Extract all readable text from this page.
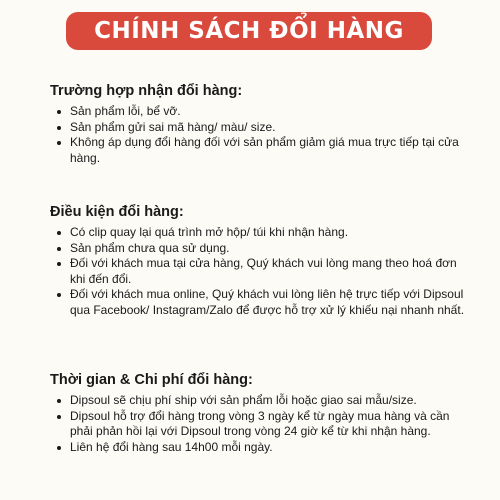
CHÍNH SÁCH ĐỔI HÀNG
Trường hợp nhận đổi hàng:
Sản phẩm lỗi, bể vỡ.
Sản phẩm gửi sai mã hàng/ màu/ size.
Không áp dụng đổi hàng đối với sản phẩm giảm giá mua trực tiếp tại cửa hàng.
Điều kiện đổi hàng:
Có clip quay lại quá trình mở hộp/ túi khi nhận hàng.
Sản phẩm chưa qua sử dụng.
Đối với khách mua tại cửa hàng, Quý khách vui lòng mang theo hoá đơn khi đến đổi.
Đối với khách mua online, Quý khách vui lòng liên hệ trực tiếp với Dipsoul qua Facebook/ Instagram/Zalo để được hỗ trợ xử lý khiếu nại nhanh nhất.
Thời gian & Chi phí đổi hàng:
Dipsoul sẽ chịu phí ship với sản phẩm lỗi hoặc giao sai mẫu/size.
Dipsoul hỗ trợ đổi hàng trong vòng 3 ngày kể từ ngày mua hàng và cần phải phản hồi lại với Dipsoul trong vòng 24 giờ kể từ khi nhận hàng.
Liên hệ đổi hàng sau 14h00 mỗi ngày.
